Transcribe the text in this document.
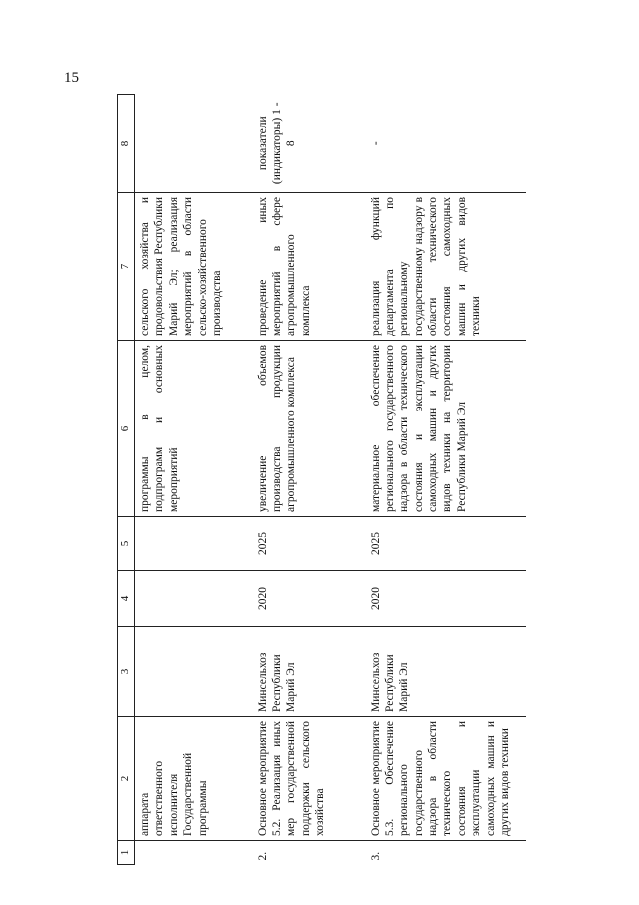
15
1	2	3	4	5	6	7	8
	аппарата ответственного исполнителя Государственной программы				программы в целом, подпрограмм и основных мероприятий	сельского хозяйства и продовольствия Республики Марий Эл; реализация мероприятий в области сельско-хозяйственного производства	
2.	Основное мероприятие 5.2. Реализация иных мер государственной поддержки сельского хозяйства	Минсельхоз Республики Марий Эл	2020	2025	увеличение объемов производства продукции агропромышленного комплекса	проведение иных мероприятий в сфере агропромышленного комплекса	показатели (индикаторы) 1 - 8
3.	Основное мероприятие 5.3. Обеспечение регионального государственного надзора в области технического состояния и эксплуатации самоходных машин и других видов техники	Минсельхоз Республики Марий Эл	2020	2025	материальное обеспечение регионального государственного надзора в области технического состояния и эксплуатации самоходных машин и других видов техники на территории Республики Марий Эл	реализация функций департамента по региональному государственному надзору в области технического состояния самоходных машин и других видов техники	-
